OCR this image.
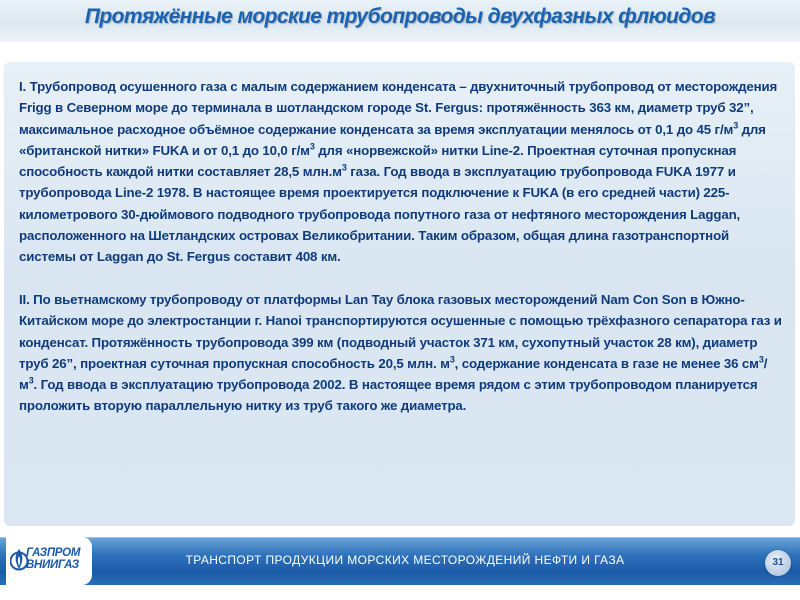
Протяжённые морские трубопроводы двухфазных флюидов

I. Трубопровод осушенного газа с малым содержанием конденсата – двухниточный трубопровод от месторождения Frigg в Северном море до терминала в шотландском городе St. Fergus: протяжённость 363 км, диаметр труб 32”, максимальное расходное объёмное содержание конденсата за время эксплуатации менялось от 0,1 до 45 $г/м^3$ для «британской нитки» FUKA и от 0,1 до 10,0 $г/м^3$ для «норвежской» нитки Line-2. Проектная суточная пропускная способность каждой нитки составляет 28,5 $млн.м^3$ газа. Год ввода в эксплуатацию трубопровода FUKA 1977 и трубопровода Line-2 1978. В настоящее время проектируется подключение к FUKA (в его средней части) 225-километрового 30-дюймового подводного трубопровода попутного газа от нефтяного месторождения Laggan, расположенного на Шетландских островах Великобритании. Таким образом, общая длина газотранспортной системы от Laggan до St. Fergus составит 408 км.

II. По вьетнамскому трубопроводу от платформы Lan Tay блока газовых месторождений Nam Con Son в Южно-Китайском море до электростанции г. Hanoi транспортируются осушенные с помощью трёхфазного сепаратора газ и конденсат. Протяжённость трубопровода 399 км (подводный участок 371 км, сухопутный участок 28 км), диаметр труб 26”, проектная суточная пропускная способность 20,5 млн. $м^3$, содержание конденсата в газе не менее 36 $см^3/м^3$. Год ввода в эксплуатацию трубопровода 2002. В настоящее время рядом с этим трубопроводом планируется проложить вторую параллельную нитку из труб такого же диаметра.

ГАЗПРОМ
ВНИИГАЗ	ТРАНСПОРТ ПРОДУКЦИИ МОРСКИХ МЕСТОРОЖДЕНИЙ НЕФТИ И ГАЗА	31
